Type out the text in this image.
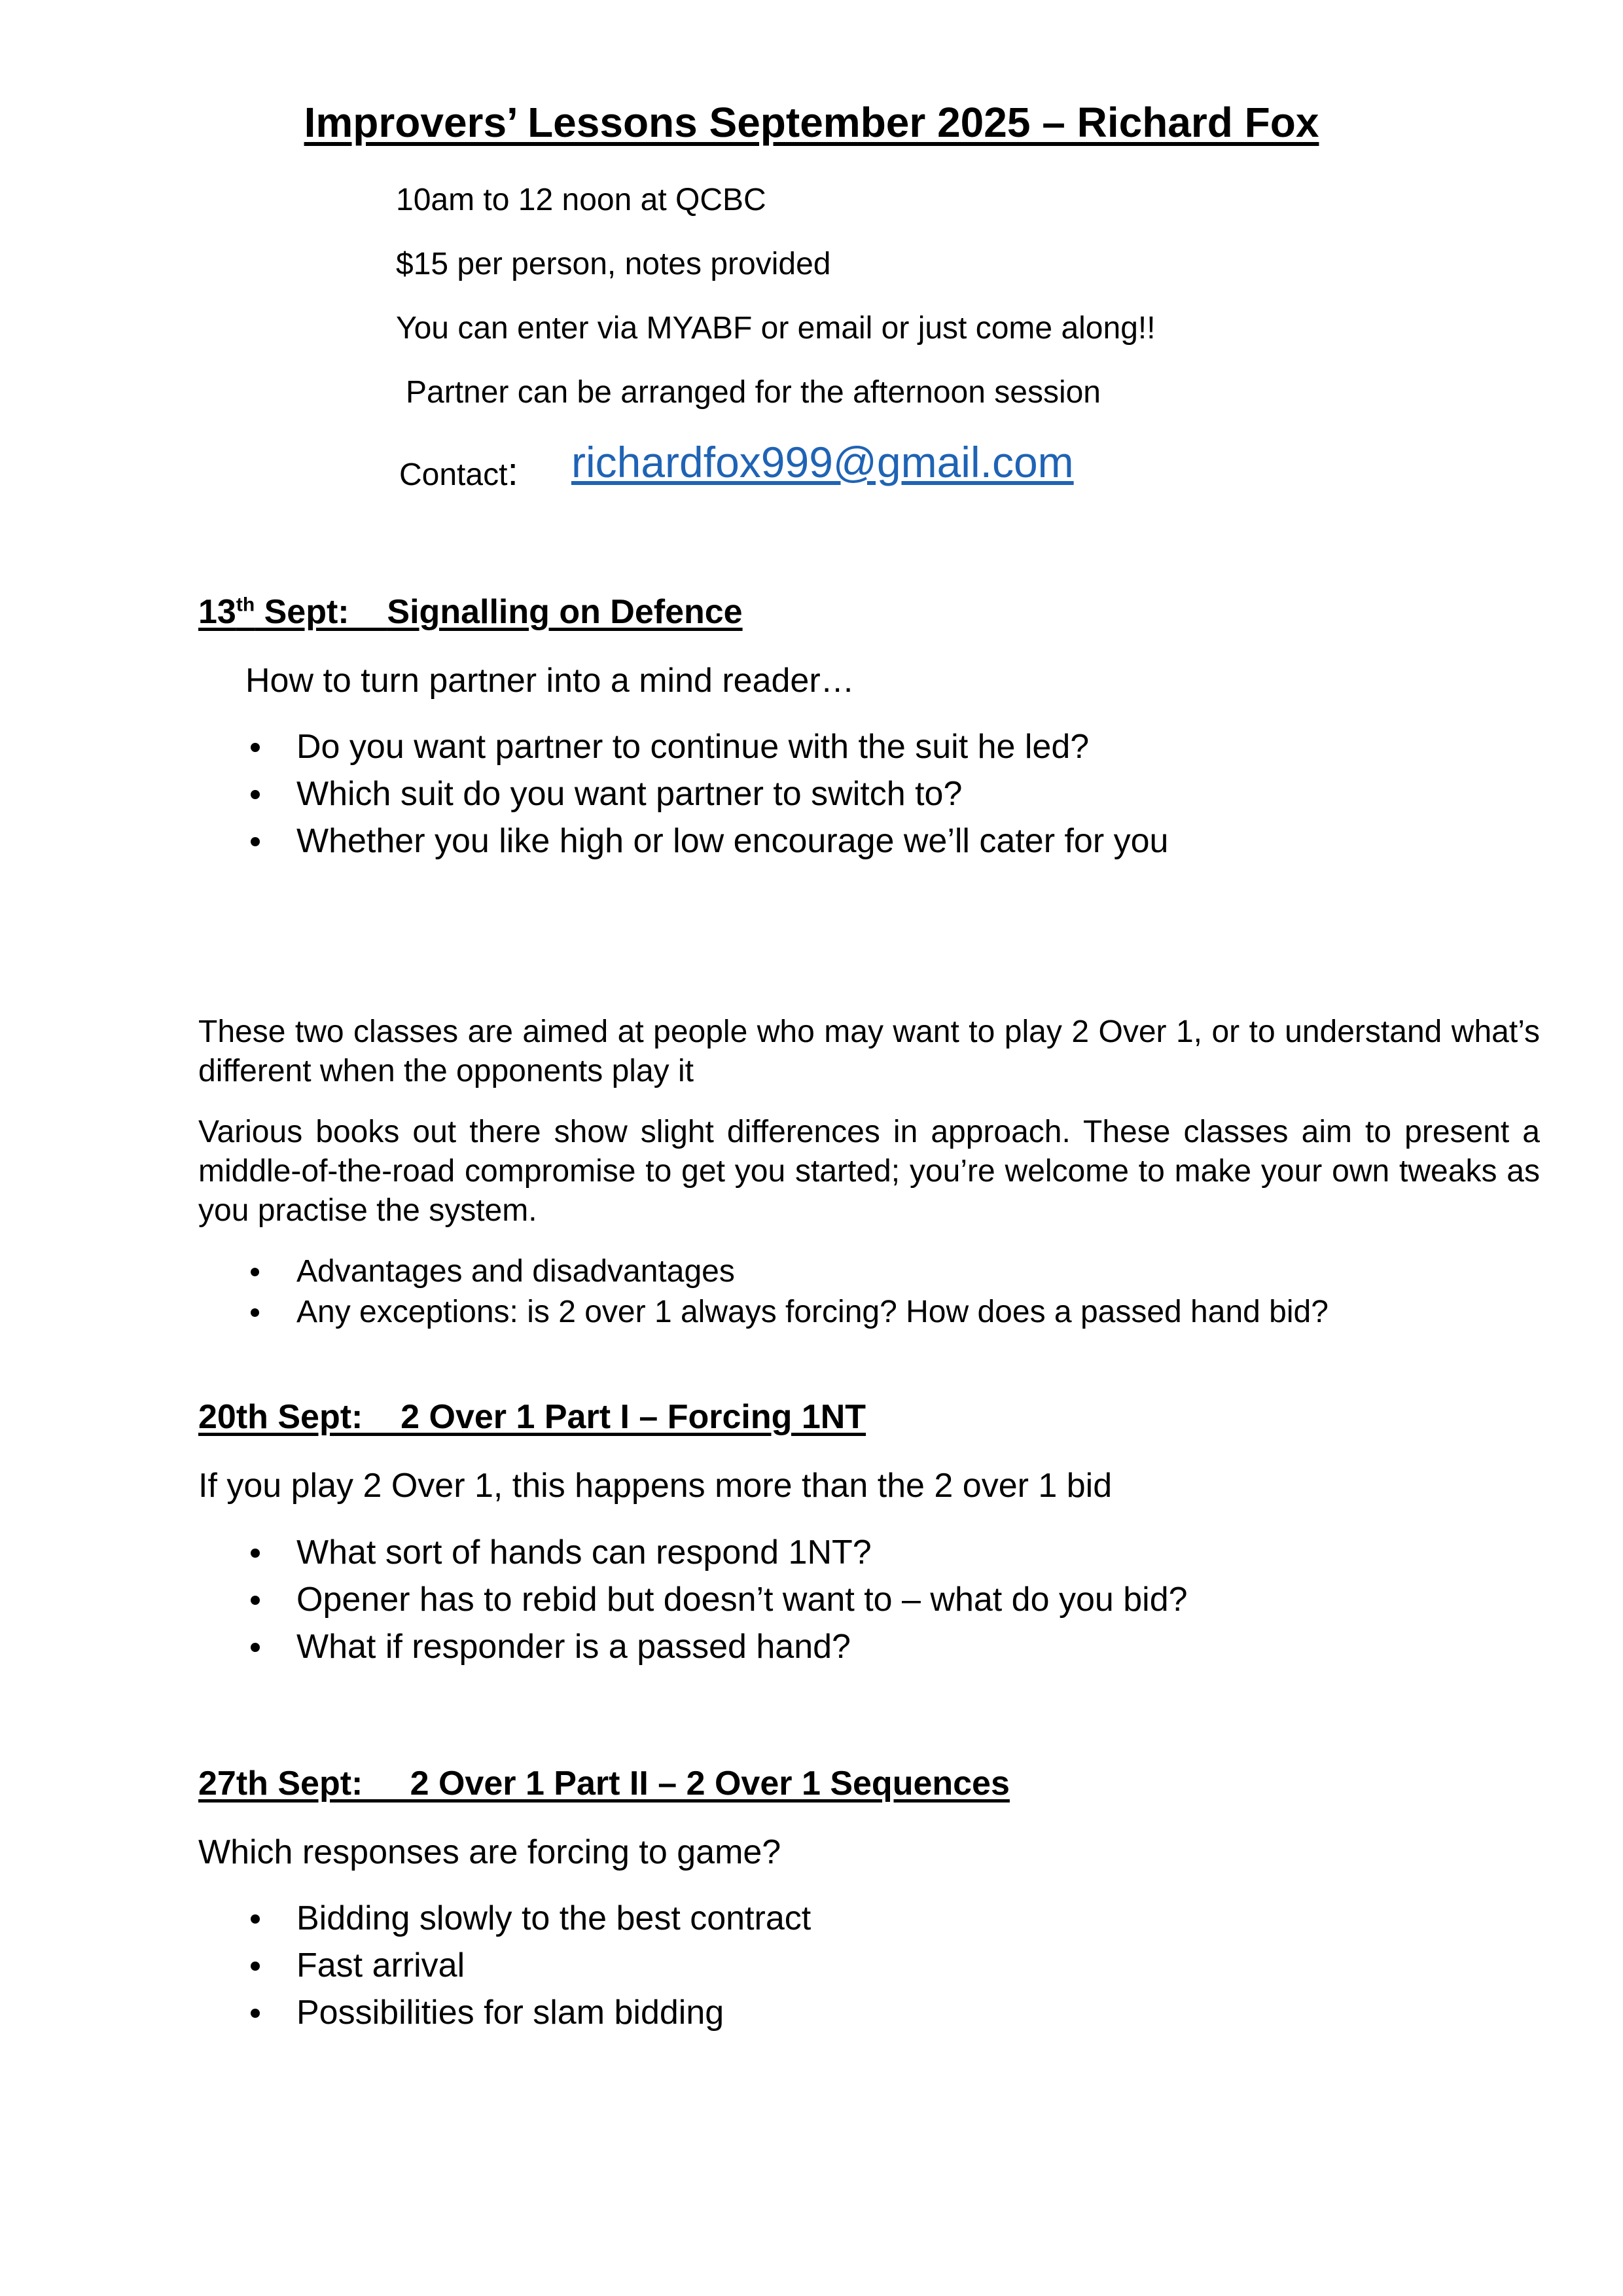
Improvers’ Lessons September 2025 – Richard Fox
10am to 12 noon at QCBC
$15 per person, notes provided
You can enter via MYABF or email or just come along!!
Partner can be arranged for the afternoon session
Contact: richardfox999@gmail.com
13th Sept:    Signalling on Defence
How to turn partner into a mind reader…
Do you want partner to continue with the suit he led?
Which suit do you want partner to switch to?
Whether you like high or low encourage we’ll cater for you

These two classes are aimed at people who may want to play 2 Over 1, or to understand what’s different when the opponents play it

Various books out there show slight differences in approach. These classes aim to present a middle-of-the-road compromise to get you started; you’re welcome to make your own tweaks as you practise the system.

Advantages and disadvantages
Any exceptions: is 2 over 1 always forcing? How does a passed hand bid?
20th Sept:    2 Over 1 Part I – Forcing 1NT
If you play 2 Over 1, this happens more than the 2 over 1 bid
What sort of hands can respond 1NT?
Opener has to rebid but doesn’t want to – what do you bid?
What if responder is a passed hand?
27th Sept:     2 Over 1 Part II – 2 Over 1 Sequences
Which responses are forcing to game?
Bidding slowly to the best contract
Fast arrival
Possibilities for slam bidding
